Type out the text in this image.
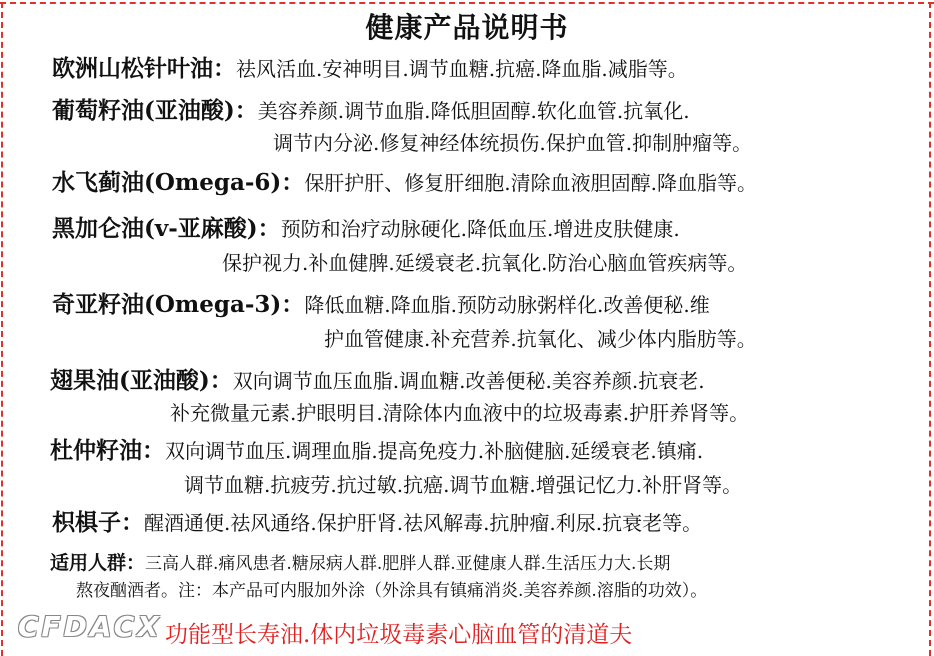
健康产品说明书
欧洲山松针叶油：祛风活血.安神明目.调节血糖.抗癌.降血脂.减脂等。
葡萄籽油(亚油酸)：美容养颜.调节血脂.降低胆固醇.软化血管.抗氧化.
调节内分泌.修复神经体统损伤.保护血管.抑制肿瘤等。
水飞蓟油(Omega-6)：保肝护肝、修复肝细胞.清除血液胆固醇.降血脂等。
黑加仑油(v-亚麻酸)：预防和治疗动脉硬化.降低血压.增进皮肤健康.
保护视力.补血健脾.延缓衰老.抗氧化.防治心脑血管疾病等。
奇亚籽油(Omega-3)：降低血糖.降血脂.预防动脉粥样化.改善便秘.维
护血管健康.补充营养.抗氧化、减少体内脂肪等。
翅果油(亚油酸)：双向调节血压血脂.调血糖.改善便秘.美容养颜.抗衰老.
补充微量元素.护眼明目.清除体内血液中的垃圾毒素.护肝养肾等。
杜仲籽油：双向调节血压.调理血脂.提高免疫力.补脑健脑.延缓衰老.镇痛.
调节血糖.抗疲劳.抗过敏.抗癌.调节血糖.增强记忆力.补肝肾等。
枳椇子：醒酒通便.祛风通络.保护肝肾.祛风解毒.抗肿瘤.利尿.抗衰老等。
适用人群：三高人群.痛风患者.糖尿病人群.肥胖人群.亚健康人群.生活压力大.长期
熬夜酗酒者。注：本产品可内服加外涂（外涂具有镇痛消炎.美容养颜.溶脂的功效）。
CFDACX 功能型长寿油.体内垃圾毒素心脑血管的清道夫
